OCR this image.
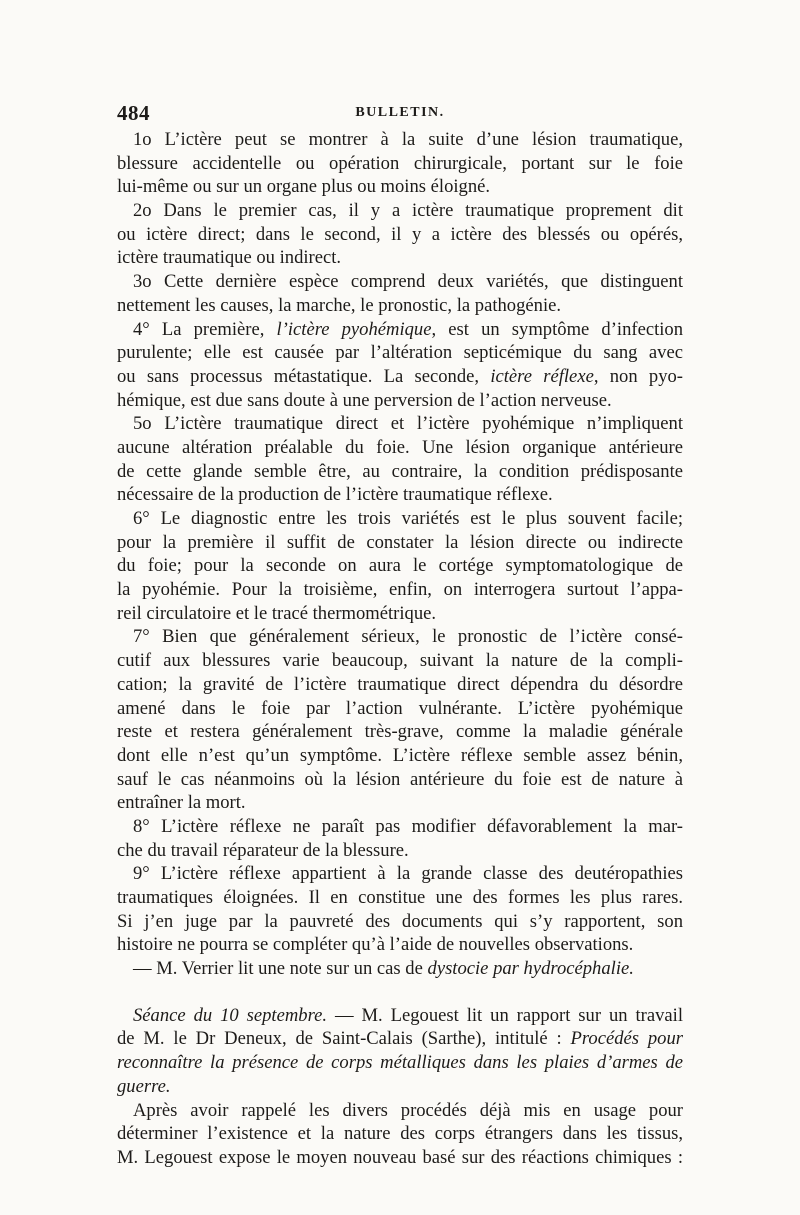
484	BULLETIN.
1o L’ictère peut se montrer à la suite d’une lésion traumatique,
blessure accidentelle ou opération chirurgicale, portant sur le foie
lui-même ou sur un organe plus ou moins éloigné.
2o Dans le premier cas, il y a ictère traumatique proprement dit
ou ictère direct; dans le second, il y a ictère des blessés ou opérés,
ictère traumatique ou indirect.
3o Cette dernière espèce comprend deux variétés, que distinguent
nettement les causes, la marche, le pronostic, la pathogénie.
4° La première, l’ictère pyohémique, est un symptôme d’infection
purulente; elle est causée par l’altération septicémique du sang avec
ou sans processus métastatique. La seconde, ictère réflexe, non pyo-
hémique, est due sans doute à une perversion de l’action nerveuse.
5o L’ictère traumatique direct et l’ictère pyohémique n’impliquent
aucune altération préalable du foie. Une lésion organique antérieure
de cette glande semble être, au contraire, la condition prédisposante
nécessaire de la production de l’ictère traumatique réflexe.
6° Le diagnostic entre les trois variétés est le plus souvent facile;
pour la première il suffit de constater la lésion directe ou indirecte
du foie; pour la seconde on aura le cortége symptomatologique de
la pyohémie. Pour la troisième, enfin, on interrogera surtout l’appa-
reil circulatoire et le tracé thermométrique.
7° Bien que généralement sérieux, le pronostic de l’ictère consé-
cutif aux blessures varie beaucoup, suivant la nature de la compli-
cation; la gravité de l’ictère traumatique direct dépendra du désordre
amené dans le foie par l’action vulnérante. L’ictère pyohémique
reste et restera généralement très-grave, comme la maladie générale
dont elle n’est qu’un symptôme. L’ictère réflexe semble assez bénin,
sauf le cas néanmoins où la lésion antérieure du foie est de nature à
entraîner la mort.
8° L’ictère réflexe ne paraît pas modifier défavorablement la mar-
che du travail réparateur de la blessure.
9° L’ictère réflexe appartient à la grande classe des deutéropathies
traumatiques éloignées. Il en constitue une des formes les plus rares.
Si j’en juge par la pauvreté des documents qui s’y rapportent, son
histoire ne pourra se compléter qu’à l’aide de nouvelles observations.
— M. Verrier lit une note sur un cas de dystocie par hydrocéphalie.
Séance du 10 septembre. — M. Legouest lit un rapport sur un travail
de M. le Dr Deneux, de Saint-Calais (Sarthe), intitulé : Procédés pour
reconnaître la présence de corps métalliques dans les plaies d’armes de
guerre.
Après avoir rappelé les divers procédés déjà mis en usage pour
déterminer l’existence et la nature des corps étrangers dans les tissus,
M. Legouest expose le moyen nouveau basé sur des réactions chimiques :
